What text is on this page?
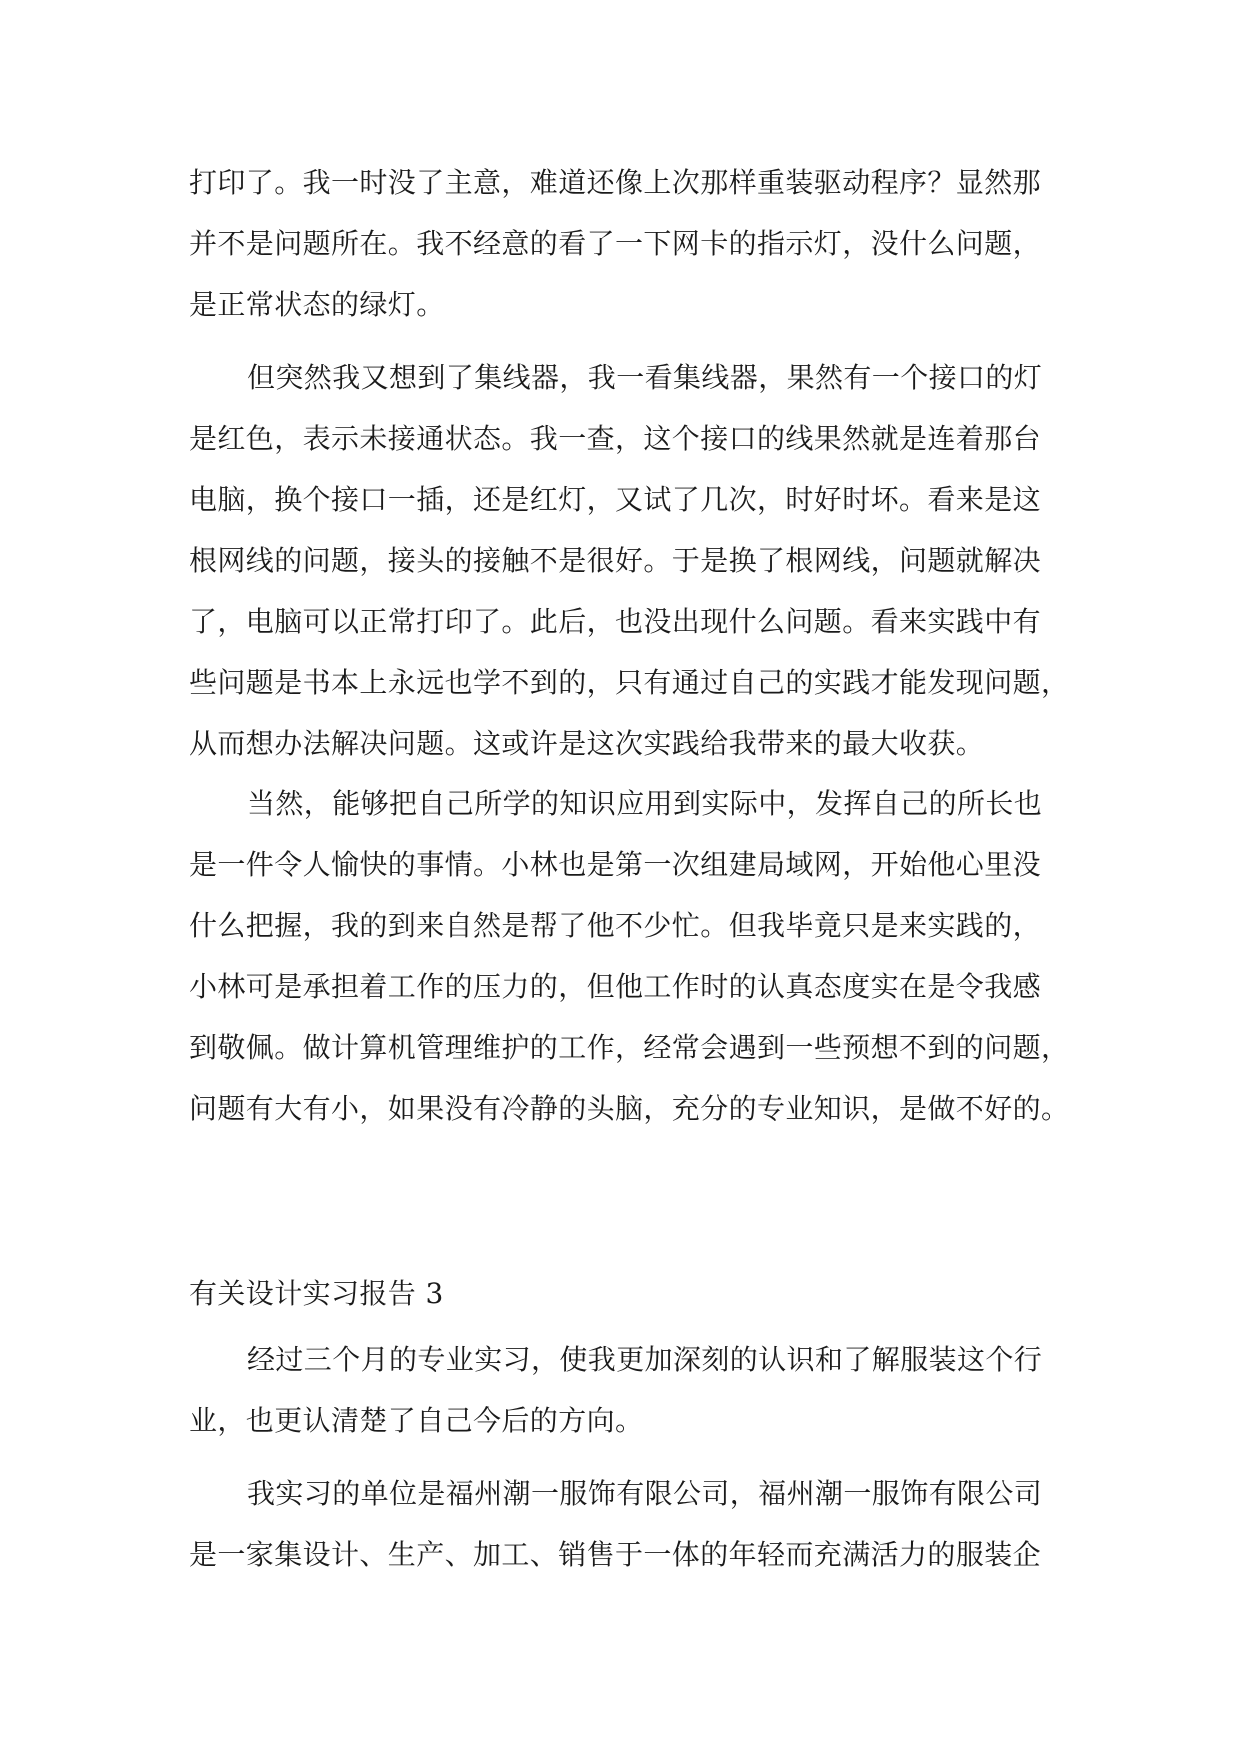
打印了。我一时没了主意，难道还像上次那样重装驱动程序？显然那
并不是问题所在。我不经意的看了一下网卡的指示灯，没什么问题，
是正常状态的绿灯。
但突然我又想到了集线器，我一看集线器，果然有一个接口的灯
是红色，表示未接通状态。我一查，这个接口的线果然就是连着那台
电脑，换个接口一插，还是红灯，又试了几次，时好时坏。看来是这
根网线的问题，接头的接触不是很好。于是换了根网线，问题就解决
了，电脑可以正常打印了。此后，也没出现什么问题。看来实践中有
些问题是书本上永远也学不到的，只有通过自己的实践才能发现问题，
从而想办法解决问题。这或许是这次实践给我带来的最大收获。
当然，能够把自己所学的知识应用到实际中，发挥自己的所长也
是一件令人愉快的事情。小林也是第一次组建局域网，开始他心里没
什么把握，我的到来自然是帮了他不少忙。但我毕竟只是来实践的，
小林可是承担着工作的压力的，但他工作时的认真态度实在是令我感
到敬佩。做计算机管理维护的工作，经常会遇到一些预想不到的问题，
问题有大有小，如果没有冷静的头脑，充分的专业知识，是做不好的。
有关设计实习报告 3
经过三个月的专业实习，使我更加深刻的认识和了解服装这个行
业，也更认清楚了自己今后的方向。
我实习的单位是福州潮一服饰有限公司，福州潮一服饰有限公司
是一家集设计、生产、加工、销售于一体的年轻而充满活力的服装企
